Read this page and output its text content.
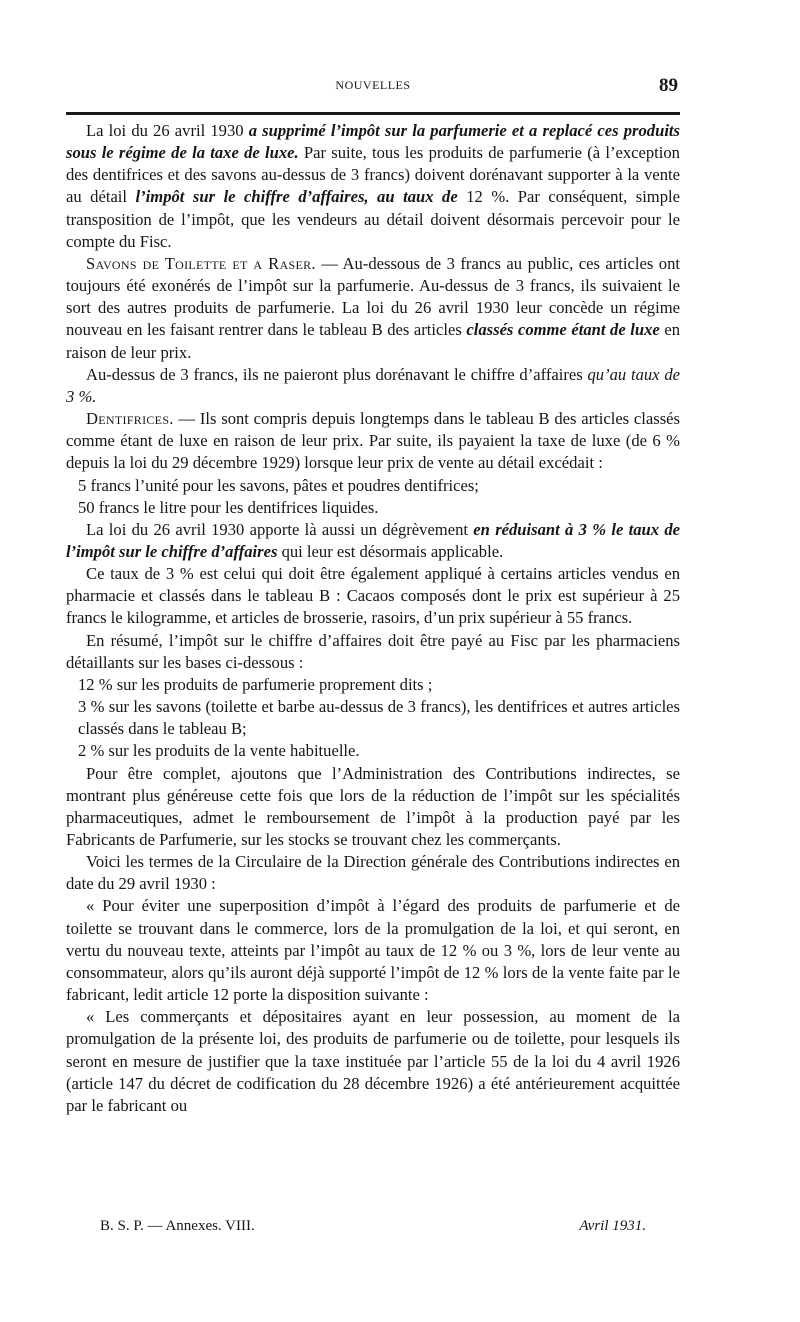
NOUVELLES	89

La loi du 26 avril 1930 a supprimé l’impôt sur la parfumerie et a replacé ces produits sous le régime de la taxe de luxe. Par suite, tous les produits de parfumerie (à l’exception des dentifrices et des savons au-dessus de 3 francs) doivent dorénavant supporter à la vente au détail l’impôt sur le chiffre d’affaires, au taux de 12 %. Par conséquent, simple transposition de l’impôt, que les vendeurs au détail doivent désormais percevoir pour le compte du Fisc.

Savons de Toilette et a Raser. — Au-dessous de 3 francs au public, ces articles ont toujours été exonérés de l’impôt sur la parfumerie. Au-dessus de 3 francs, ils suivaient le sort des autres produits de parfumerie. La loi du 26 avril 1930 leur concède un régime nouveau en les faisant rentrer dans le tableau B des articles classés comme étant de luxe en raison de leur prix.

Au-dessus de 3 francs, ils ne paieront plus dorénavant le chiffre d’affaires qu’au taux de 3 %.

Dentifrices. — Ils sont compris depuis longtemps dans le tableau B des articles classés comme étant de luxe en raison de leur prix. Par suite, ils payaient la taxe de luxe (de 6 % depuis la loi du 29 décembre 1929) lorsque leur prix de vente au détail excédait :

5 francs l’unité pour les savons, pâtes et poudres dentifrices;

50 francs le litre pour les dentifrices liquides.

La loi du 26 avril 1930 apporte là aussi un dégrèvement en réduisant à 3 % le taux de l’impôt sur le chiffre d’affaires qui leur est désormais applicable.

Ce taux de 3 % est celui qui doit être également appliqué à certains articles vendus en pharmacie et classés dans le tableau B : Cacaos composés dont le prix est supérieur à 25 francs le kilogramme, et articles de brosserie, rasoirs, d’un prix supérieur à 55 francs.

En résumé, l’impôt sur le chiffre d’affaires doit être payé au Fisc par les pharmaciens détaillants sur les bases ci-dessous :

12 % sur les produits de parfumerie proprement dits ;

3 % sur les savons (toilette et barbe au-dessus de 3 francs), les dentifrices et autres articles classés dans le tableau B;

2 % sur les produits de la vente habituelle.

Pour être complet, ajoutons que l’Administration des Contributions indirectes, se montrant plus généreuse cette fois que lors de la réduction de l’impôt sur les spécialités pharmaceutiques, admet le remboursement de l’impôt à la production payé par les Fabricants de Parfumerie, sur les stocks se trouvant chez les commerçants.

Voici les termes de la Circulaire de la Direction générale des Contributions indirectes en date du 29 avril 1930 :

« Pour éviter une superposition d’impôt à l’égard des produits de parfumerie et de toilette se trouvant dans le commerce, lors de la promulgation de la loi, et qui seront, en vertu du nouveau texte, atteints par l’impôt au taux de 12 % ou 3 %, lors de leur vente au consommateur, alors qu’ils auront déjà supporté l’impôt de 12 % lors de la vente faite par le fabricant, ledit article 12 porte la disposition suivante :

« Les commerçants et dépositaires ayant en leur possession, au moment de la promulgation de la présente loi, des produits de parfumerie ou de toilette, pour lesquels ils seront en mesure de justifier que la taxe instituée par l’article 55 de la loi du 4 avril 1926 (article 147 du décret de codification du 28 décembre 1926) a été antérieurement acquittée par le fabricant ou

B. S. P. — Annexes. VIII.	Avril 1931.
